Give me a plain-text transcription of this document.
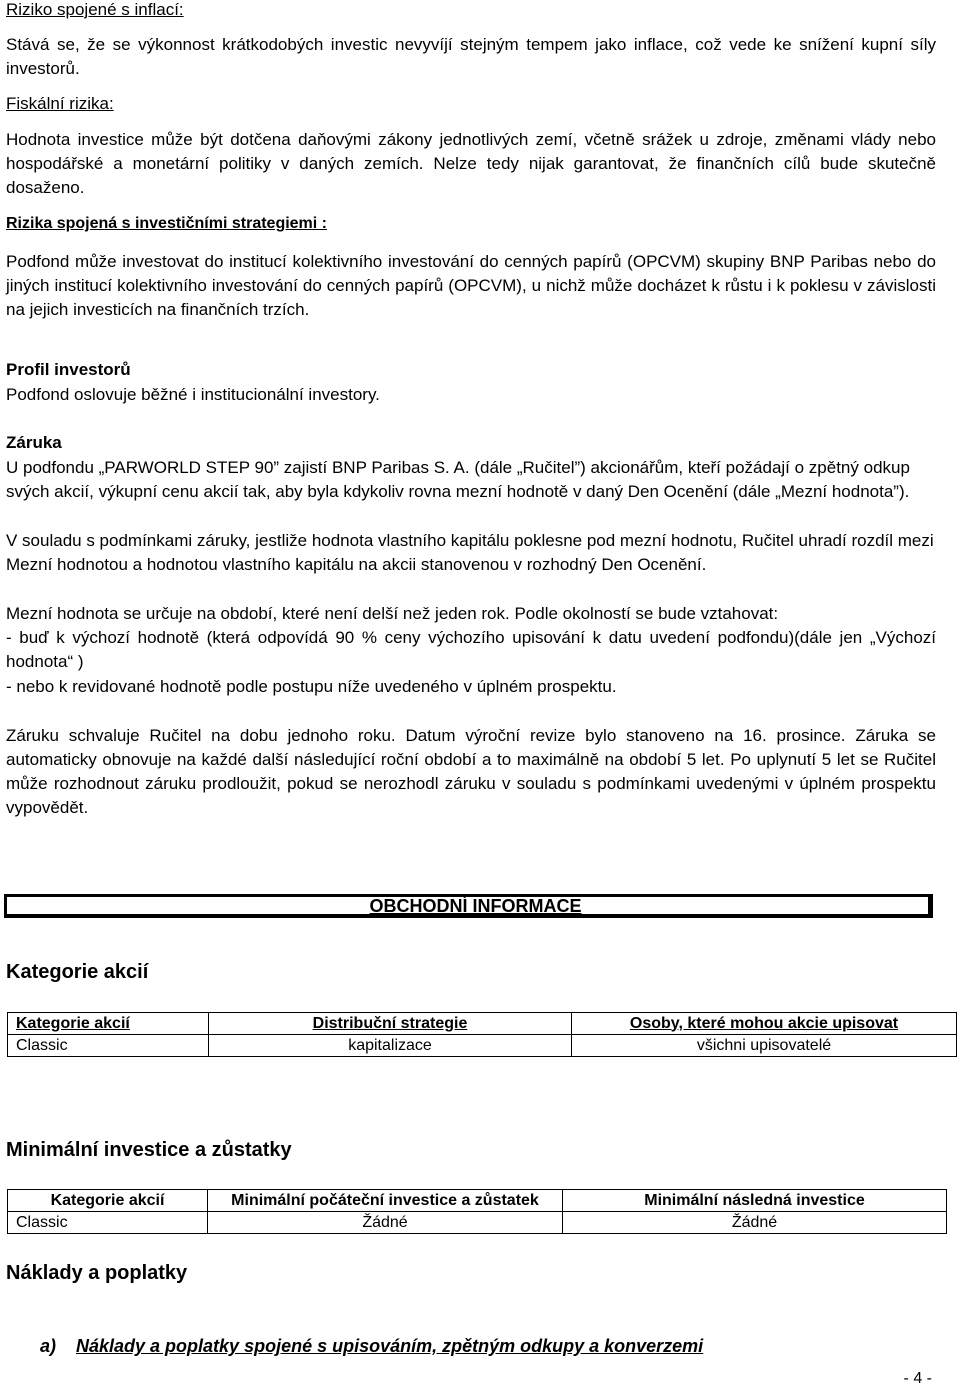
Riziko spojené s inflací:

Stává se, že se výkonnost krátkodobých investic nevyvíjí stejným tempem jako inflace, což vede ke snížení kupní síly investorů.

Fiskální rizika:

Hodnota investice může být dotčena daňovými zákony jednotlivých zemí, včetně srážek u zdroje, změnami vlády nebo hospodářské a monetární politiky v daných zemích. Nelze tedy nijak garantovat, že finančních cílů bude skutečně dosaženo.

Rizika spojená s investičními strategiemi :

Podfond může investovat do institucí kolektivního investování do cenných papírů (OPCVM) skupiny BNP Paribas nebo do jiných institucí kolektivního investování do cenných papírů (OPCVM), u nichž může docházet k růstu i k poklesu v závislosti na jejich investicích na finančních trzích.

Profil investorů

Podfond oslovuje běžné i institucionální investory.

Záruka

U podfondu „PARWORLD STEP 90” zajistí BNP Paribas S. A. (dále „Ručitel”) akcionářům, kteří požádají o zpětný odkup svých akcií, výkupní cenu akcií tak, aby byla kdykoliv rovna mezní hodnotě v daný Den Ocenění (dále „Mezní hodnota”).

V souladu s podmínkami záruky, jestliže hodnota vlastního kapitálu poklesne pod mezní hodnotu, Ručitel uhradí rozdíl mezi Mezní hodnotou a hodnotou vlastního kapitálu na akcii stanovenou v rozhodný Den Ocenění.

Mezní hodnota se určuje na období, které není delší než jeden rok. Podle okolností se bude vztahovat:

- buď k výchozí hodnotě (která odpovídá 90 % ceny výchozího upisování k datu uvedení podfondu)(dále jen „Výchozí hodnota“ )

- nebo k revidované hodnotě podle postupu níže uvedeného v úplném prospektu.

Záruku schvaluje Ručitel na dobu jednoho roku. Datum výroční revize bylo stanoveno na 16. prosince. Záruka se automaticky obnovuje na každé další následující roční období a to maximálně na období 5 let. Po uplynutí 5 let se Ručitel může rozhodnout záruku prodloužit, pokud se nerozhodl záruku v souladu s podmínkami uvedenými v úplném prospektu vypovědět.

OBCHODNÍ INFORMACE
Kategorie akcií
Kategorie akcií	Distribuční strategie	Osoby, které mohou akcie upisovat
Classic	kapitalizace	všichni upisovatelé
Minimální investice a zůstatky
Kategorie akcií	Minimální počáteční investice a zůstatek	Minimální následná investice
Classic	Žádné	Žádné
Náklady a poplatky
a) Náklady a poplatky spojené s upisováním, zpětným odkupy a konverzemi
- 4 -
